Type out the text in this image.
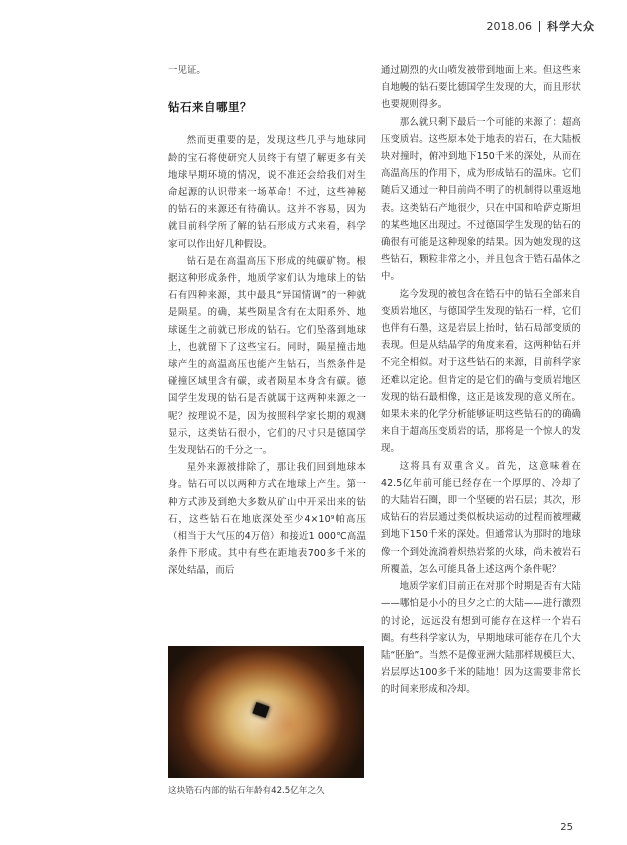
2018.06 科学大众

一见证。

钻石来自哪里？

然而更重要的是，发现这些几乎与地球同龄的宝石将使研究人员终于有望了解更多有关地球早期环境的情况，说不准还会给我们对生命起源的认识带来一场革命！不过，这些神秘的钻石的来源还有待确认。这并不容易，因为就目前科学所了解的钻石形成方式来看，科学家可以作出好几种假设。

钻石是在高温高压下形成的纯碳矿物。根据这种形成条件，地质学家们认为地球上的钻石有四种来源，其中最具“异国情调”的一种就是陨星。的确，某些陨星含有在太阳系外、地球诞生之前就已形成的钻石。它们坠落到地球上，也就留下了这些宝石。同时，陨星撞击地球产生的高温高压也能产生钻石，当然条件是碰撞区域里含有碳，或者陨星本身含有碳。德国学生发现的钻石是否就属于这两种来源之一呢？按理说不是，因为按照科学家长期的观测显示，这类钻石很小，它们的尺寸只是德国学生发现钻石的千分之一。

星外来源被排除了，那让我们回到地球本身。钻石可以以两种方式在地球上产生。第一种方式涉及到绝大多数从矿山中开采出来的钻石，这些钻石在地底深处至少4×10⁹帕高压（相当于大气压的4万倍）和接近1 000℃高温条件下形成。其中有些在距地表700多千米的深处结晶，而后

这块锆石内部的钻石年龄有42.5亿年之久

通过剧烈的火山喷发被带到地面上来。但这些来自地幔的钻石要比德国学生发现的大，而且形状也要规则得多。

那么就只剩下最后一个可能的来源了：超高压变质岩。这些原本处于地表的岩石，在大陆板块对撞时，俯冲到地下150千米的深处，从而在高温高压的作用下，成为形成钻石的温床。它们随后又通过一种目前尚不明了的机制得以重返地表。这类钻石产地很少，只在中国和哈萨克斯坦的某些地区出现过。不过德国学生发现的钻石的确很有可能是这种现象的结果。因为她发现的这些钻石，颗粒非常之小，并且包含于锆石晶体之中。

迄今发现的被包含在锆石中的钻石全部来自变质岩地区，与德国学生发现的钻石一样，它们也伴有石墨，这是岩层上抬时，钻石局部变质的表现。但是从结晶学的角度来看，这两种钻石并不完全相似。对于这些钻石的来源，目前科学家还难以定论。但肯定的是它们的确与变质岩地区发现的钻石最相像，这正是该发现的意义所在。如果未来的化学分析能够证明这些钻石的的确确来自于超高压变质岩的话，那将是一个惊人的发现。

这将具有双重含义。首先，这意味着在42.5亿年前可能已经存在一个厚厚的、冷却了的大陆岩石圈，即一个坚硬的岩石层；其次，形成钻石的岩层通过类似板块运动的过程而被埋藏到地下150千米的深处。但通常认为那时的地球像一个到处流淌着炽热岩浆的火球，尚未被岩石所覆盖，怎么可能具备上述这两个条件呢？

地质学家们目前正在对那个时期是否有大陆——哪怕是小小的旦夕之亡的大陆——进行激烈的讨论，远远没有想到可能存在这样一个岩石圈。有些科学家认为，早期地球可能存在几个大陆“胚胎”。当然不是像亚洲大陆那样规模巨大、岩层厚达100多千米的陆地！因为这需要非常长的时间来形成和冷却。

25
